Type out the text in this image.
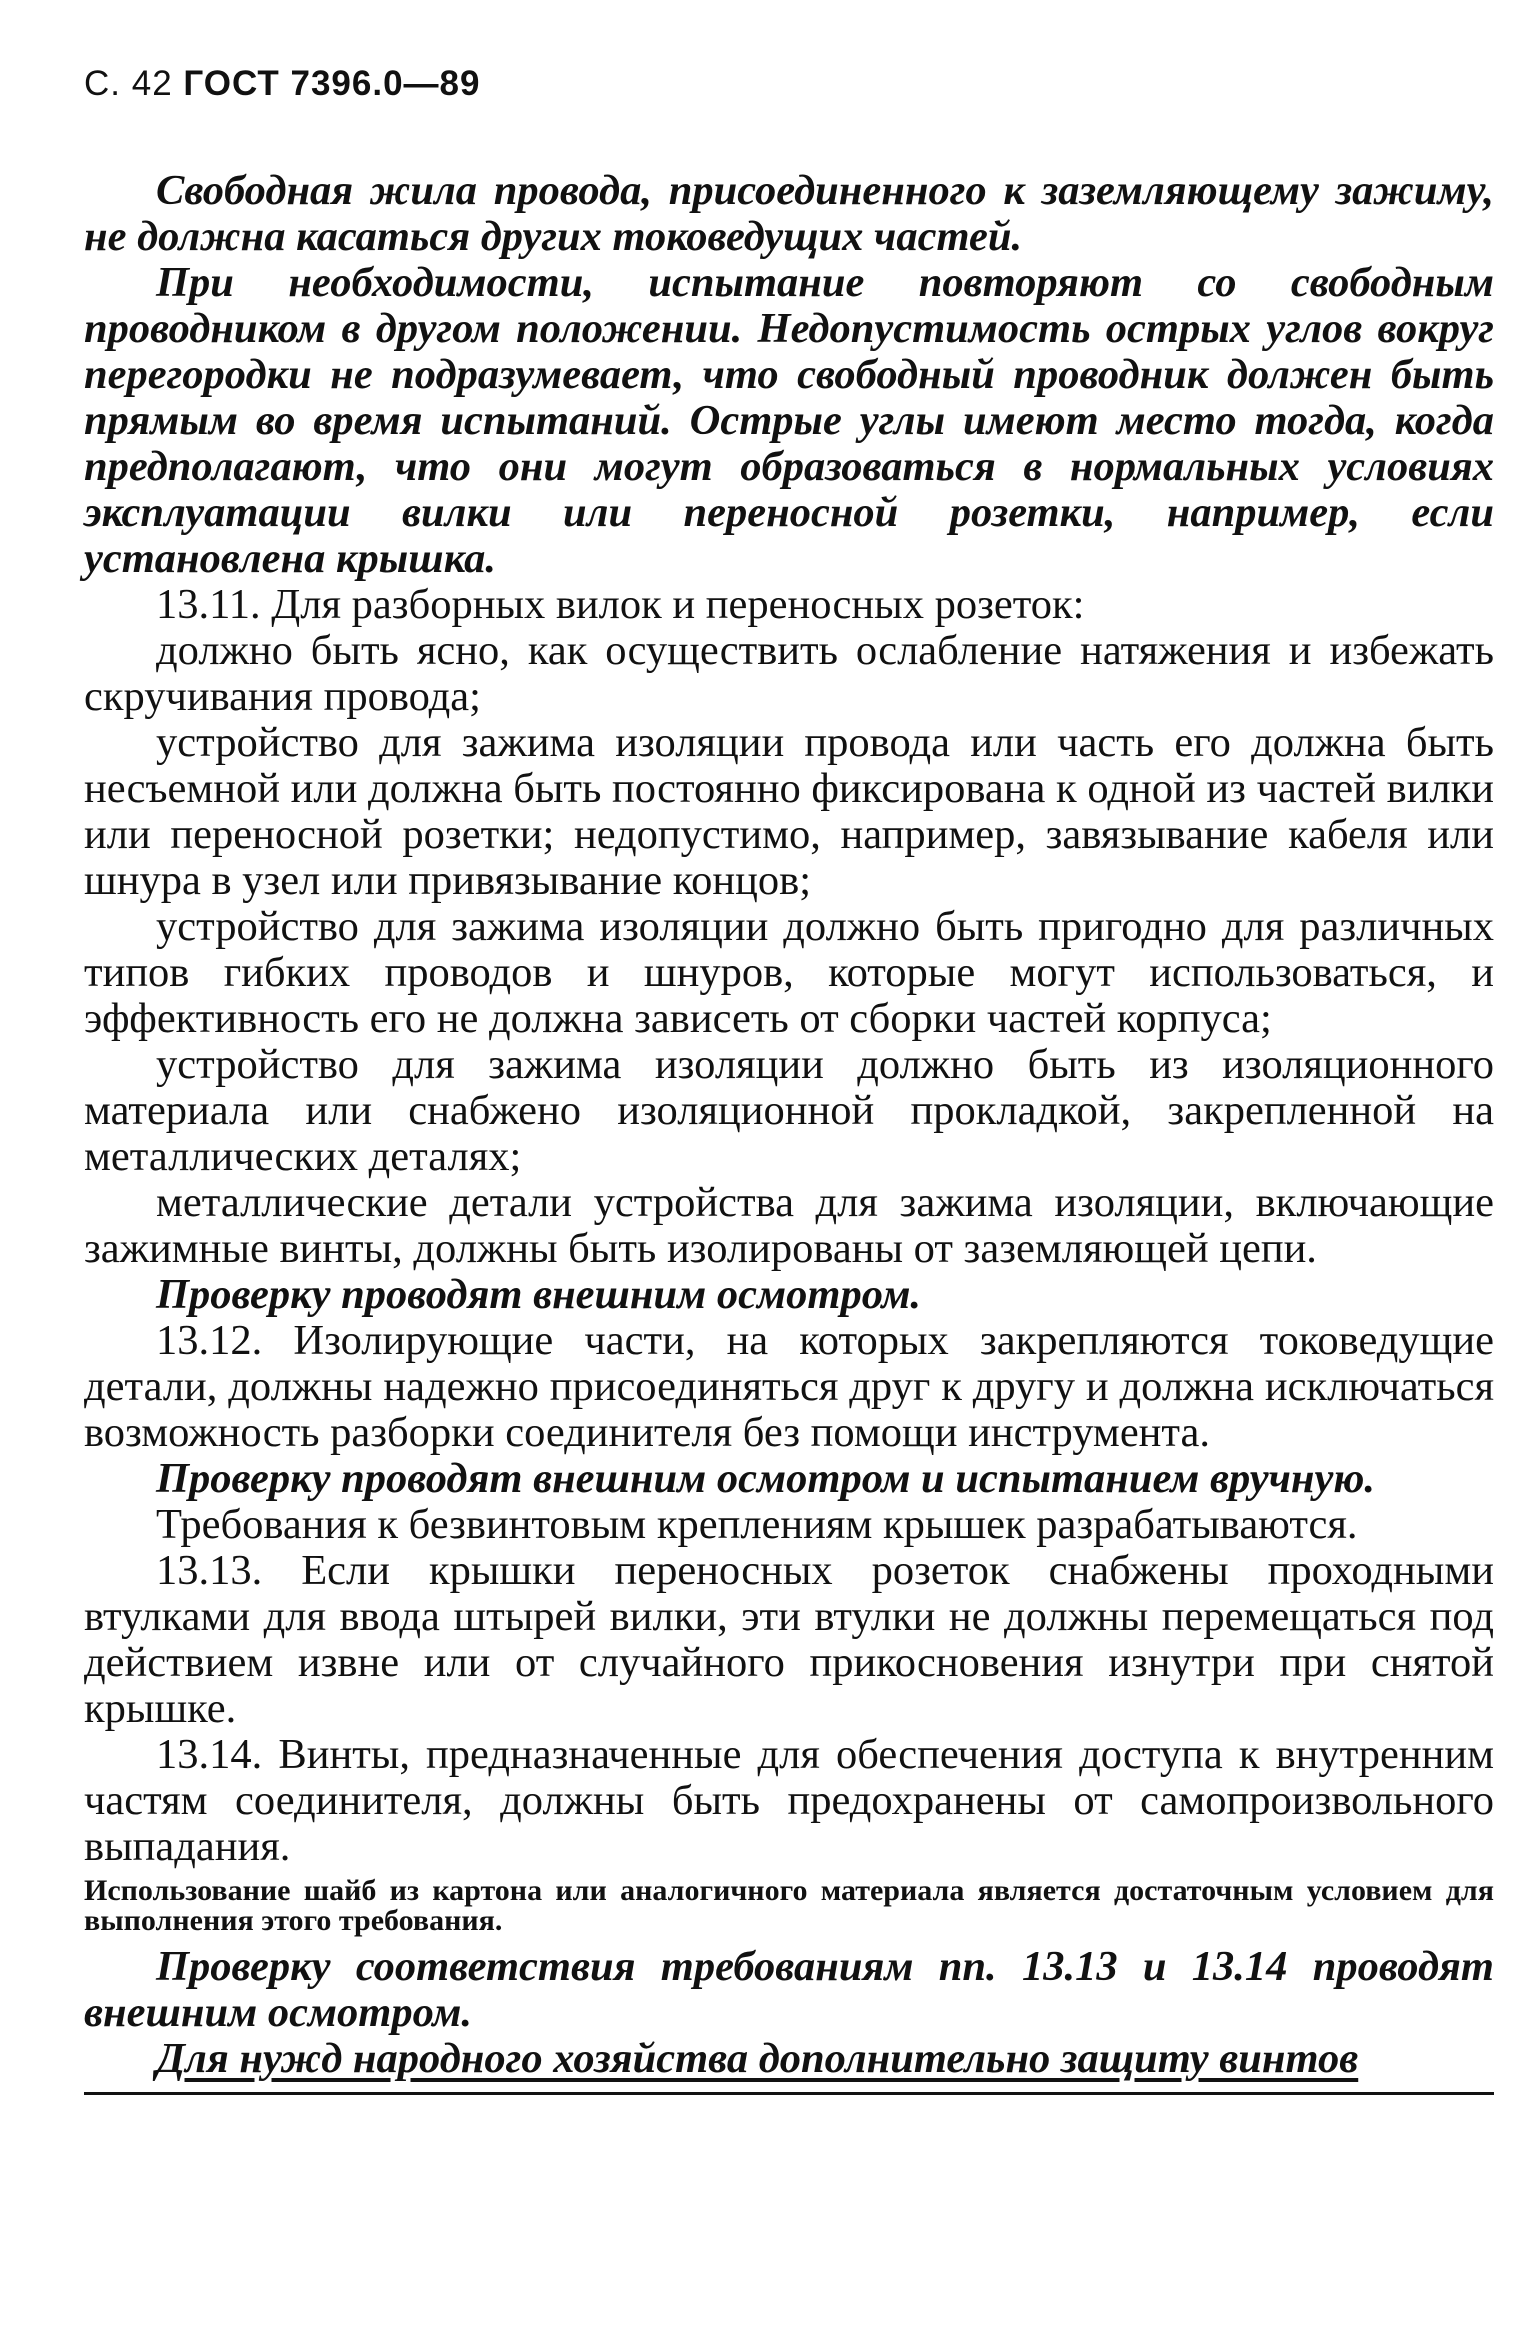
С. 42 ГОСТ 7396.0—89

Свободная жила провода, присоединенного к заземляющему зажиму, не должна касаться других токоведущих частей.

При необходимости, испытание повторяют со свободным проводником в другом положении. Недопустимость острых углов вокруг перегородки не подразумевает, что свободный проводник должен быть прямым во время испытаний. Острые углы имеют место тогда, когда предполагают, что они могут образоваться в нормальных условиях эксплуатации вилки или переносной розетки, например, если установлена крышка.

13.11. Для разборных вилок и переносных розеток:

должно быть ясно, как осуществить ослабление натяжения и избежать скручивания провода;

устройство для зажима изоляции провода или часть его должна быть несъемной или должна быть постоянно фиксирована к одной из частей вилки или переносной розетки; недопустимо, например, завязывание кабеля или шнура в узел или привязывание концов;

устройство для зажима изоляции должно быть пригодно для различных типов гибких проводов и шнуров, которые могут использоваться, и эффективность его не должна зависеть от сборки частей корпуса;

устройство для зажима изоляции должно быть из изоляционного материала или снабжено изоляционной прокладкой, закрепленной на металлических деталях;

металлические детали устройства для зажима изоляции, включающие зажимные винты, должны быть изолированы от заземляющей цепи.

Проверку проводят внешним осмотром.

13.12. Изолирующие части, на которых закрепляются токоведущие детали, должны надежно присоединяться друг к другу и должна исключаться возможность разборки соединителя без помощи инструмента.

Проверку проводят внешним осмотром и испытанием вручную.

Требования к безвинтовым креплениям крышек разрабатываются.

13.13. Если крышки переносных розеток снабжены проходными втулками для ввода штырей вилки, эти втулки не должны перемещаться под действием извне или от случайного прикосновения изнутри при снятой крышке.

13.14. Винты, предназначенные для обеспечения доступа к внутренним частям соединителя, должны быть предохранены от самопроизвольного выпадания.

Использование шайб из картона или аналогичного материала является достаточным условием для выполнения этого требования.

Проверку соответствия требованиям пп. 13.13 и 13.14 проводят внешним осмотром.

Для нужд народного хозяйства дополнительно защиту винтов
